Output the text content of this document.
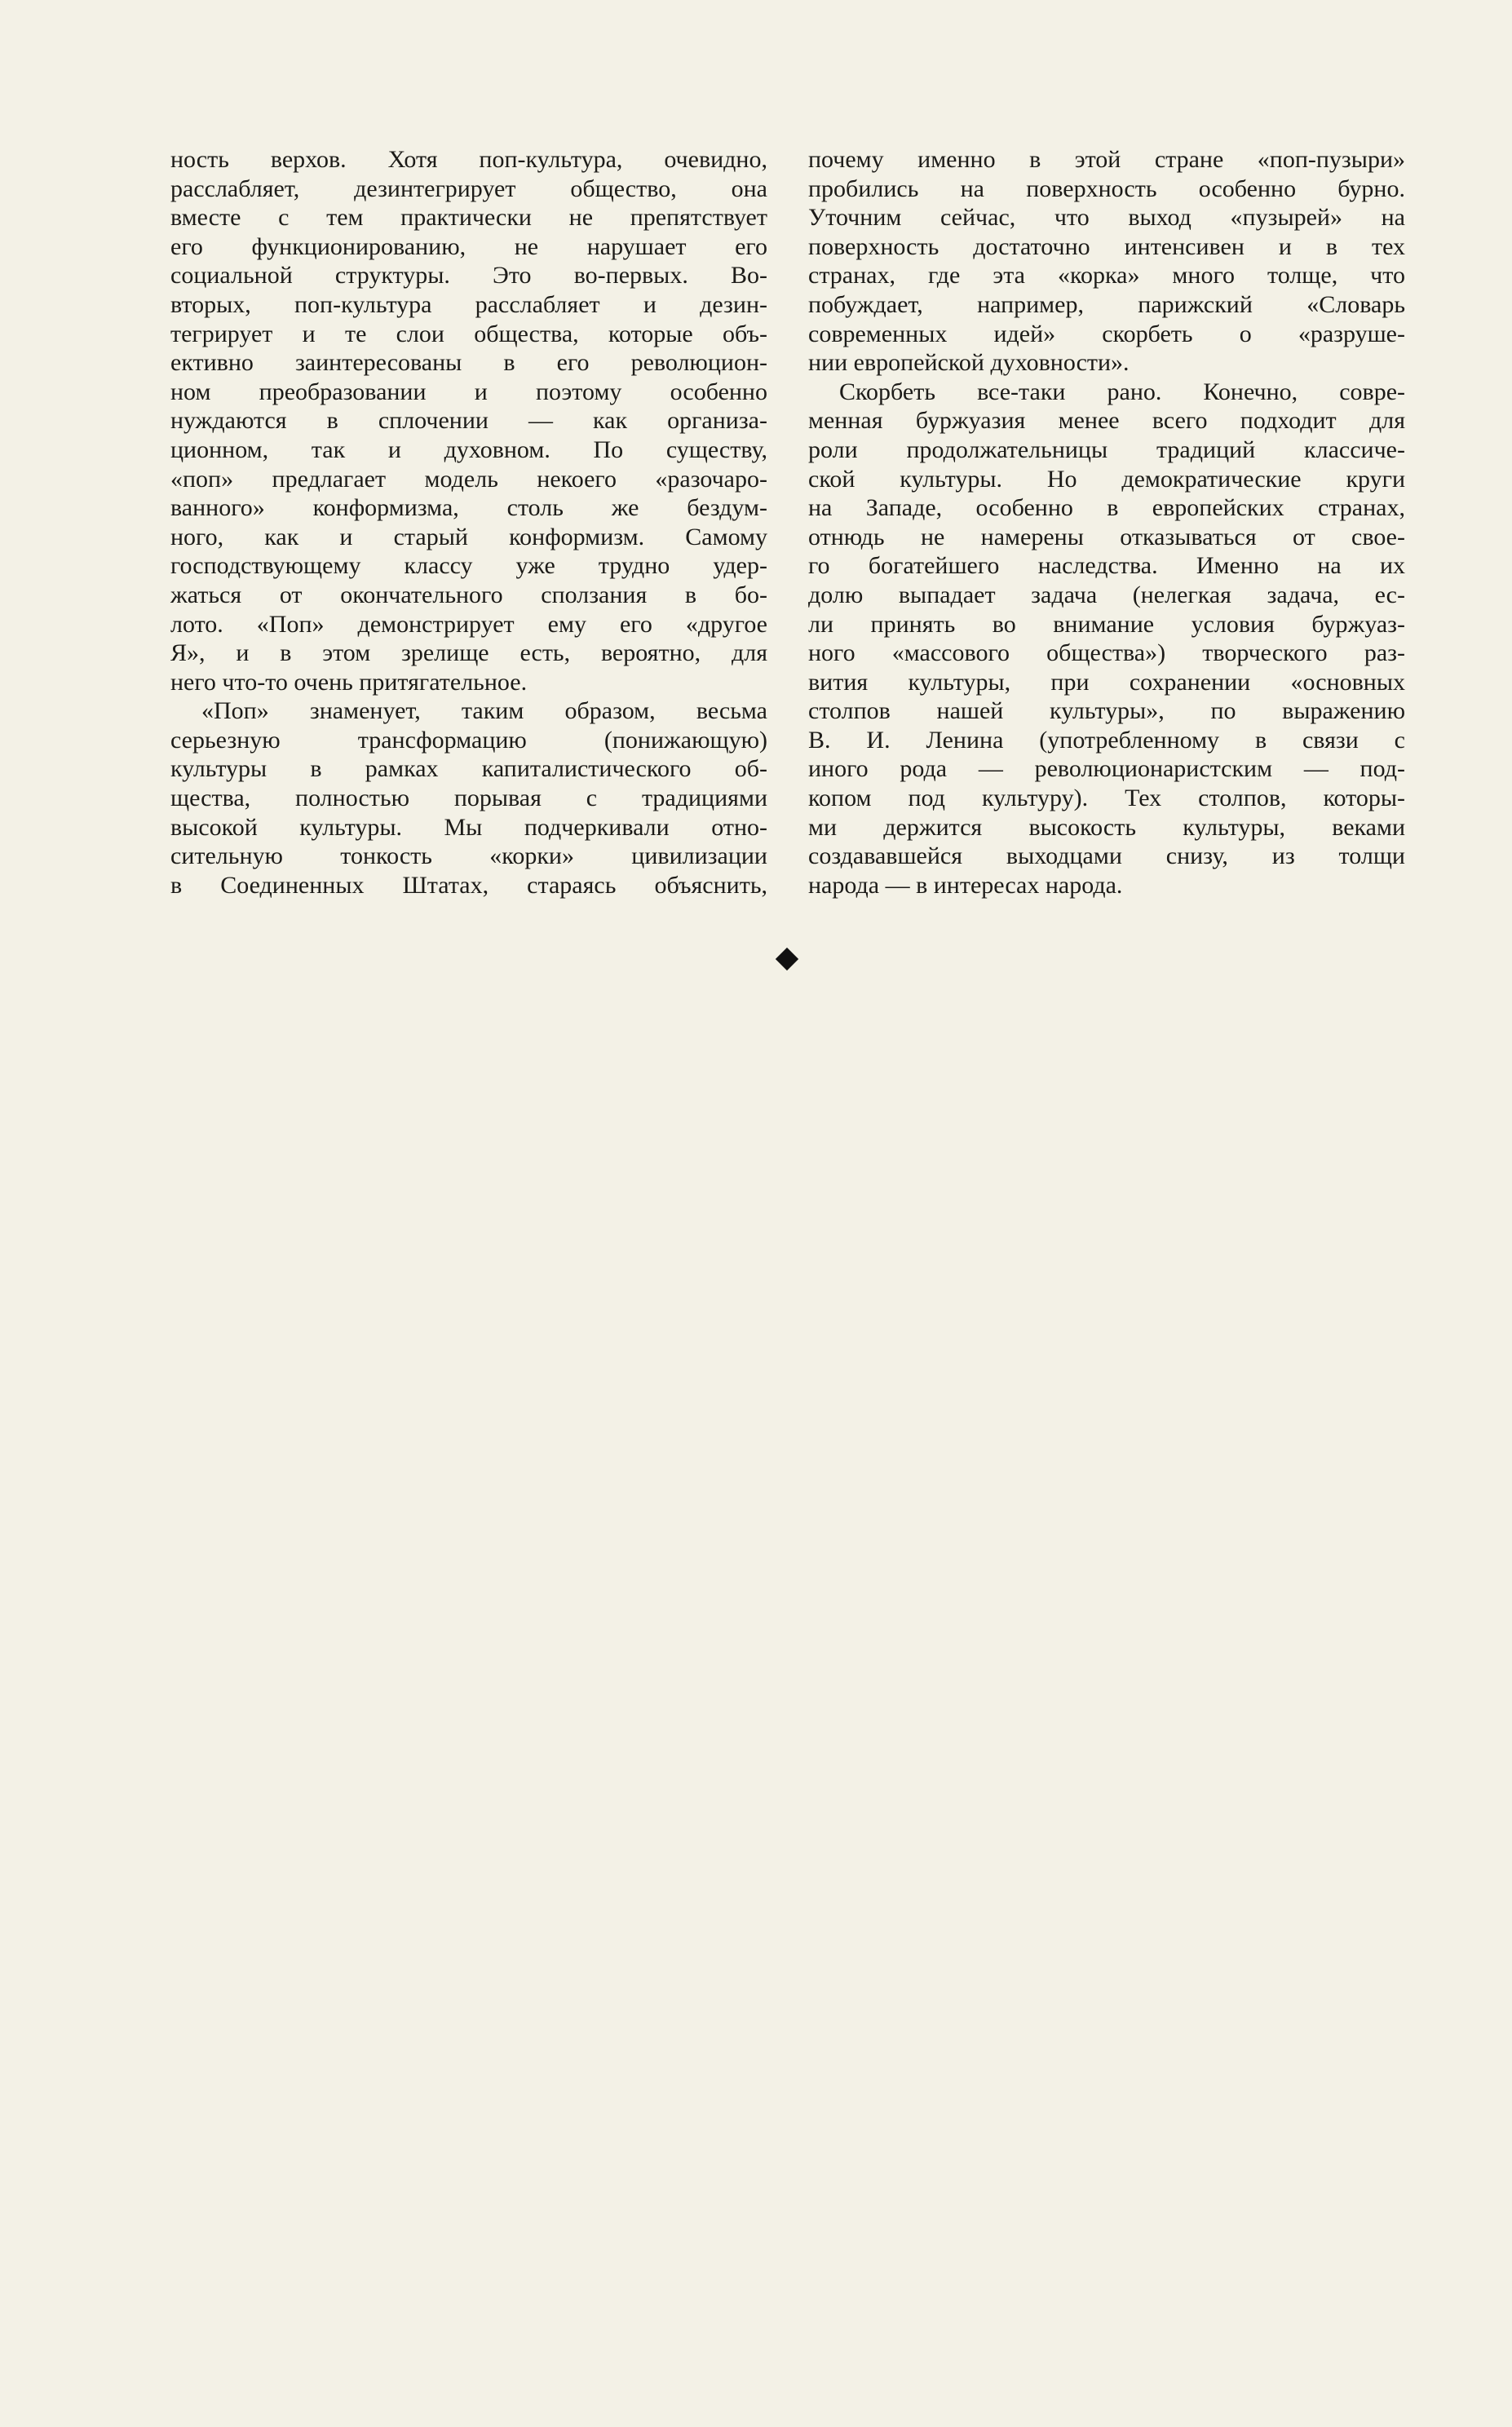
ность верхов. Хотя поп-культура, очевидно,
расслабляет, дезинтегрирует общество, она
вместе с тем практически не препятствует
его функционированию, не нарушает его
социальной структуры. Это во-первых. Во-
вторых, поп-культура расслабляет и дезин-
тегрирует и те слои общества, которые объ-
ективно заинтересованы в его революцион-
ном преобразовании и поэтому особенно
нуждаются в сплочении — как организа-
ционном, так и духовном. По существу,
«поп» предлагает модель некоего «разочаро-
ванного» конформизма, столь же бездум-
ного, как и старый конформизм. Самому
господствующему классу уже трудно удер-
жаться от окончательного сползания в бо-
лото. «Поп» демонстрирует ему его «другое
Я», и в этом зрелище есть, вероятно, для
него что-то очень притягательное.
«Поп» знаменует, таким образом, весьма
серьезную трансформацию (понижающую)
культуры в рамках капиталистического об-
щества, полностью порывая с традициями
высокой культуры. Мы подчеркивали отно-
сительную тонкость «корки» цивилизации
в Соединенных Штатах, стараясь объяснить,
почему именно в этой стране «поп-пузыри»
пробились на поверхность особенно бурно.
Уточним сейчас, что выход «пузырей» на
поверхность достаточно интенсивен и в тех
странах, где эта «корка» много толще, что
побуждает, например, парижский «Словарь
современных идей» скорбеть о «разруше-
нии европейской духовности».
Скорбеть все-таки рано. Конечно, совре-
менная буржуазия менее всего подходит для
роли продолжательницы традиций классиче-
ской культуры. Но демократические круги
на Западе, особенно в европейских странах,
отнюдь не намерены отказываться от свое-
го богатейшего наследства. Именно на их
долю выпадает задача (нелегкая задача, ес-
ли принять во внимание условия буржуаз-
ного «массового общества») творческого раз-
вития культуры, при сохранении «основных
столпов нашей культуры», по выражению
В. И. Ленина (употребленному в связи с
иного рода — революционаристским — под-
копом под культуру). Тех столпов, которы-
ми держится высокость культуры, веками
создававшейся выходцами снизу, из толщи
народа — в интересах народа.
